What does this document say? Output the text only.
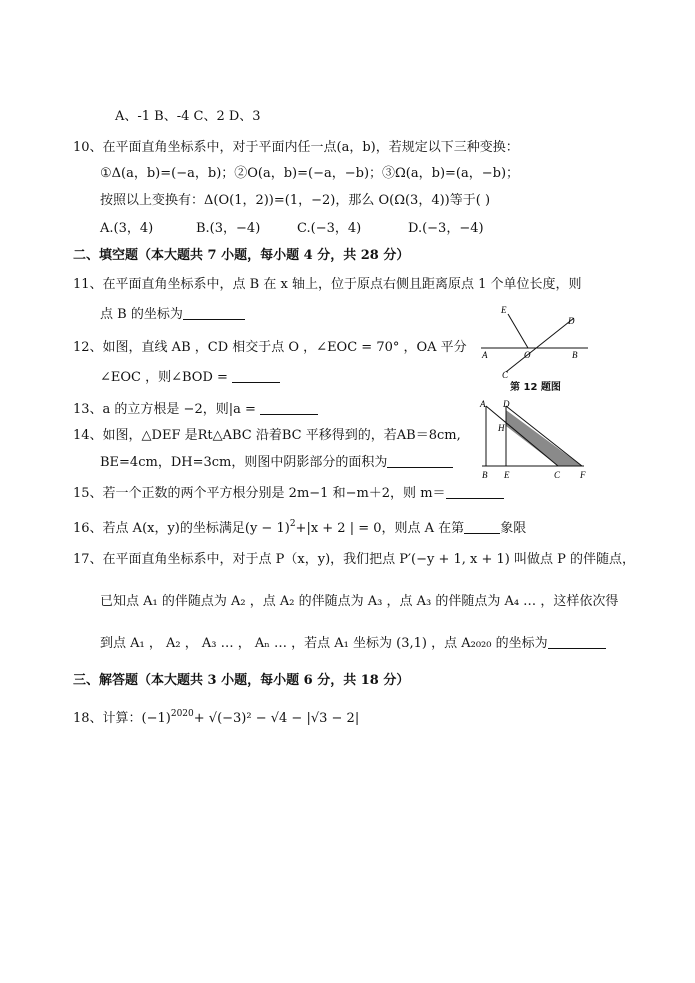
A、-1 B、-4 C、2 D、3
10、在平面直角坐标系中，对于平面内任一点(a，b)，若规定以下三种变换：
①Δ(a，b)=(−a，b)；②O(a，b)=(−a，−b)；③Ω(a，b)=(a，−b)；
按照以上变换有：Δ(O(1，2))=(1，−2)，那么 O(Ω(3，4))等于( )
A.(3，4)	B.(3，−4)	C.(−3，4)	D.(−3，−4)
二、填空题（本大题共 7 小题，每小题 4 分，共 28 分）
11、在平面直角坐标系中，点 B 在 x 轴上，位于原点右侧且距离原点 1 个单位长度，则
点 B 的坐标为
12、如图，直线 AB ，CD 相交于点 O ，∠EOC = 70° ，OA 平分
∠EOC ，则∠BOD =
E
D
A	O	B
C
第 12 题图
13、a 的立方根是 −2，则|a =
14、如图，△DEF 是Rt△ABC 沿着BC 平移得到的，若AB＝8cm,
BE=4cm，DH=3cm，则图中阴影部分的面积为
A D
H
B E	C F
15、若一个正数的两个平方根分别是 2m−1 和−m＋2，则 m＝
16、若点 A(x，y)的坐标满足$(y - 1)^2+|x + 2$ | = 0，则点 A 在第	象限
17、在平面直角坐标系中，对于点 P（x，y)，我们把点 P′(−y + 1, x + 1) 叫做点 P 的伴随点，
已知点 A₁ 的伴随点为 A₂ ，点 A₂ 的伴随点为 A₃ ，点 A₃ 的伴随点为 A₄ … ，这样依次得
到点 A₁ ， A₂ ， A₃ … ， Aₙ … ，若点 A₁ 坐标为 (3,1) ，点 A₂₀₂₀ 的坐标为
三、解答题（本大题共 3 小题，每小题 6 分，共 18 分）
18、计算：$(-1)^{2020}+ √(-3)^2 - √4 - |√3 - 2|$
